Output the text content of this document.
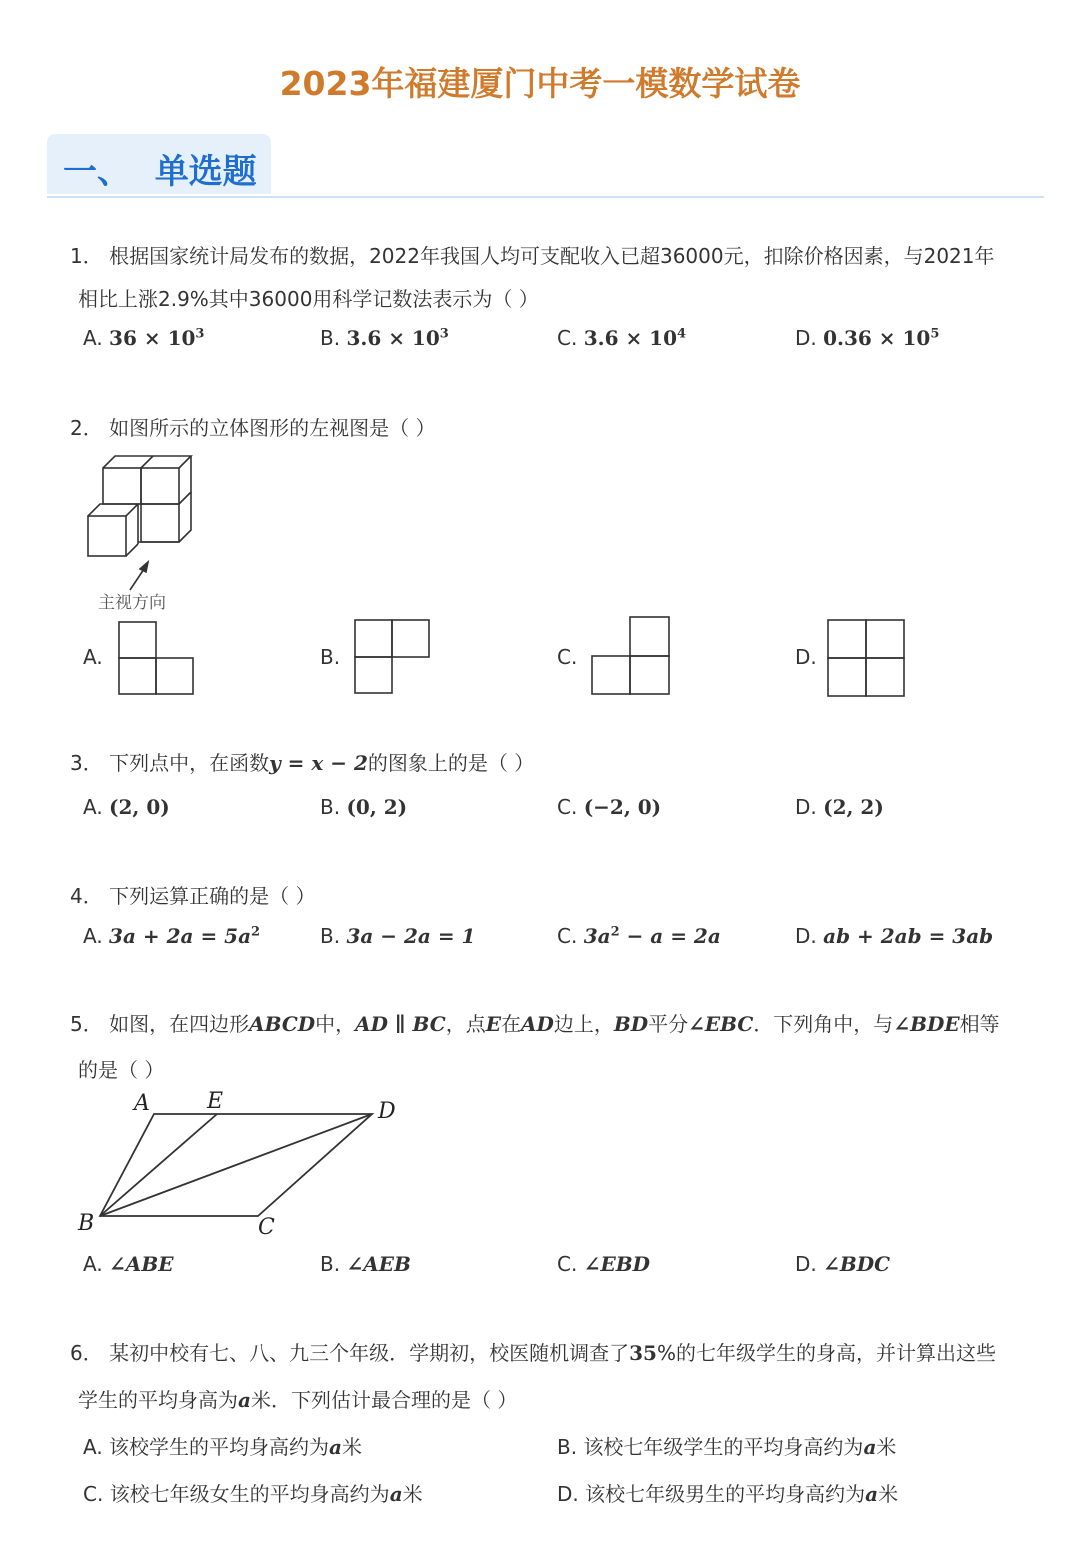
2023年福建厦门中考一模数学试卷
一、 单选题
1． 根据国家统计局发布的数据，2022年我国人均可支配收入已超36000元，扣除价格因素，与2021年
相比上涨2.9%其中36000用科学记数法表示为（ ）
A. $36 \times 10^3$	B. $3.6 \times 10^3$	C. $3.6 \times 10^4$	D. $0.36 \times 10^5$
2． 如图所示的立体图形的左视图是（ ）
主视方向
A.	B.	C.	D.
3． 下列点中，在函数y = x − 2的图象上的是（ ）
A. (2, 0)	B. (0, 2)	C. (−2, 0)	D. (2, 2)
4． 下列运算正确的是（ ）
A. $3a + 2a = 5a^2$	B. 3a − 2a = 1	C. $3a^2 - a = 2a$	D. ab + 2ab = 3ab
5． 如图，在四边形ABCD中，AD ∥ BC，点E在AD边上，BD平分∠EBC．下列角中，与∠BDE相等
的是（ ）
A	E	D
B	C
A. ∠ABE	B. ∠AEB	C. ∠EBD	D. ∠BDC
6． 某初中校有七、八、九三个年级．学期初，校医随机调查了35%的七年级学生的身高，并计算出这些
学生的平均身高为a米．下列估计最合理的是（ ）
A. 该校学生的平均身高约为a米	B. 该校七年级学生的平均身高约为a米
C. 该校七年级女生的平均身高约为a米	D. 该校七年级男生的平均身高约为a米
